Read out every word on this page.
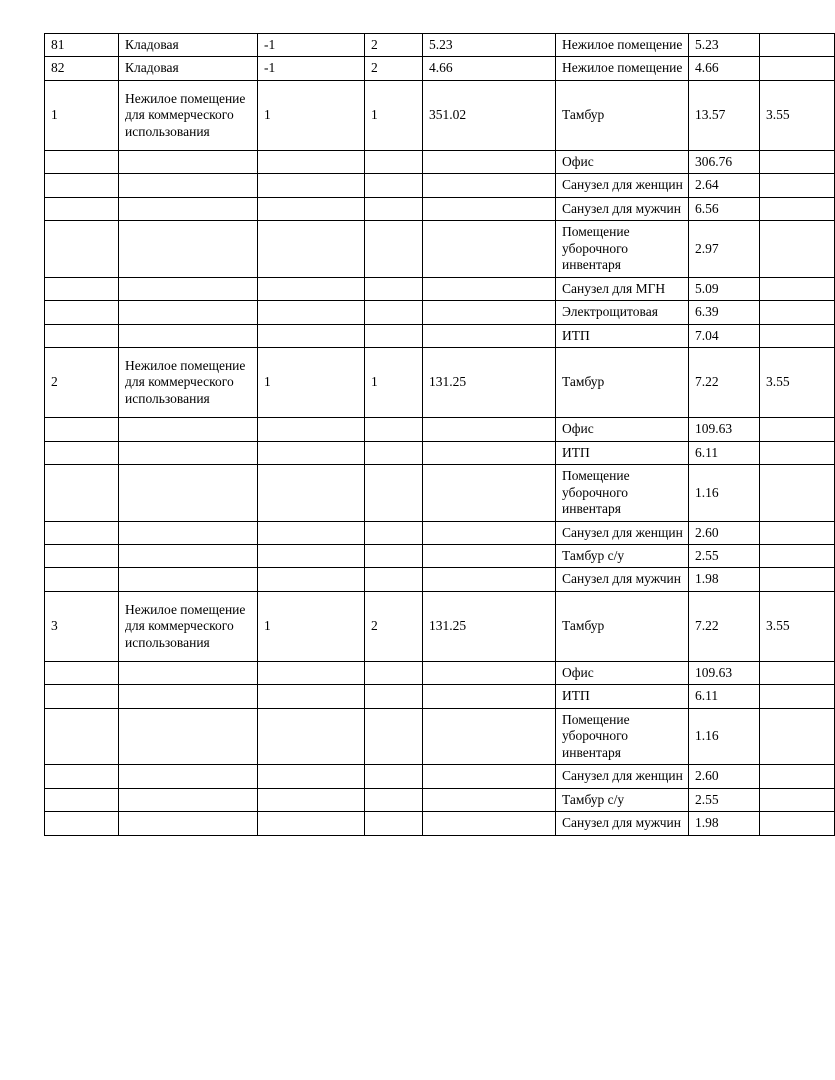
81	Кладовая	-1	2	5.23	Нежилое помещение	5.23	
82	Кладовая	-1	2	4.66	Нежилое помещение	4.66	
1	Нежилое помещение для коммерческого использования	1	1	351.02	Тамбур	13.57	3.55
					Офис	306.76	
					Санузел для женщин	2.64	
					Санузел для мужчин	6.56	
					Помещение уборочного инвентаря	2.97	
					Санузел для МГН	5.09	
					Электрощитовая	6.39	
					ИТП	7.04	
2	Нежилое помещение для коммерческого использования	1	1	131.25	Тамбур	7.22	3.55
					Офис	109.63	
					ИТП	6.11	
					Помещение уборочного инвентаря	1.16	
					Санузел для женщин	2.60	
					Тамбур с/у	2.55	
					Санузел для мужчин	1.98	
3	Нежилое помещение для коммерческого использования	1	2	131.25	Тамбур	7.22	3.55
					Офис	109.63	
					ИТП	6.11	
					Помещение уборочного инвентаря	1.16	
					Санузел для женщин	2.60	
					Тамбур с/у	2.55	
					Санузел для мужчин	1.98	
